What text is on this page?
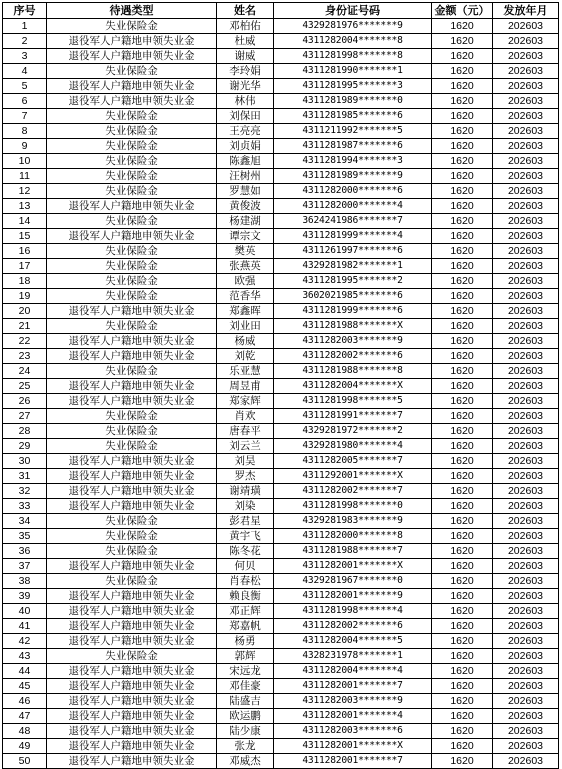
序号	待遇类型	姓名	身份证号码	金额（元）	发放年月
1	失业保险金	邓柏佑	4329281976*******9	1620	202603
2	退役军人户籍地申领失业金	杜威	4311282004*******8	1620	202603
3	退役军人户籍地申领失业金	谢威	4311281998*******8	1620	202603
4	失业保险金	李玲娟	4311281990*******1	1620	202603
5	退役军人户籍地申领失业金	谢光华	4311281995*******3	1620	202603
6	退役军人户籍地申领失业金	林伟	4311281989*******0	1620	202603
7	失业保险金	刘保田	4311281985*******6	1620	202603
8	失业保险金	王亮亮	4311211992*******5	1620	202603
9	失业保险金	刘贞娟	4311281987*******6	1620	202603
10	失业保险金	陈鑫旭	4311281994*******3	1620	202603
11	失业保险金	汪树州	4311281989*******9	1620	202603
12	失业保险金	罗慧如	4311282000*******6	1620	202603
13	退役军人户籍地申领失业金	黄俊波	4311282000*******4	1620	202603
14	失业保险金	杨建湖	3624241986*******7	1620	202603
15	退役军人户籍地申领失业金	谭宗文	4311281999*******4	1620	202603
16	失业保险金	樊英	4311261997*******6	1620	202603
17	失业保险金	张燕英	4329281982*******1	1620	202603
18	失业保险金	欧强	4311281995*******2	1620	202603
19	失业保险金	范香华	3602021985*******6	1620	202603
20	退役军人户籍地申领失业金	郑鑫晖	4311281999*******6	1620	202603
21	失业保险金	刘业田	4311281988*******X	1620	202603
22	退役军人户籍地申领失业金	杨威	4311282003*******9	1620	202603
23	退役军人户籍地申领失业金	刘乾	4311282002*******6	1620	202603
24	失业保险金	乐亚慧	4311281988*******8	1620	202603
25	退役军人户籍地申领失业金	周昱甫	4311282004*******X	1620	202603
26	退役军人户籍地申领失业金	郑家辉	4311281998*******5	1620	202603
27	失业保险金	肖欢	4311281991*******7	1620	202603
28	失业保险金	唐春平	4329281972*******2	1620	202603
29	失业保险金	刘云兰	4329281980*******4	1620	202603
30	退役军人户籍地申领失业金	刘昊	4311282005*******7	1620	202603
31	退役军人户籍地申领失业金	罗杰	4311292001*******X	1620	202603
32	退役军人户籍地申领失业金	谢靖璜	4311282002*******7	1620	202603
33	退役军人户籍地申领失业金	刘染	4311281998*******0	1620	202603
34	失业保险金	彭君星	4329281983*******9	1620	202603
35	失业保险金	黄宇飞	4311282000*******8	1620	202603
36	失业保险金	陈冬花	4311281988*******7	1620	202603
37	退役军人户籍地申领失业金	何贝	4311282001*******X	1620	202603
38	失业保险金	肖春松	4329281967*******0	1620	202603
39	退役军人户籍地申领失业金	赖良衡	4311282001*******9	1620	202603
40	退役军人户籍地申领失业金	邓正辉	4311281998*******4	1620	202603
41	退役军人户籍地申领失业金	郑嘉帆	4311282002*******6	1620	202603
42	退役军人户籍地申领失业金	杨勇	4311282004*******5	1620	202603
43	失业保险金	郭辉	4328231978*******1	1620	202603
44	退役军人户籍地申领失业金	宋远龙	4311282004*******4	1620	202603
45	退役军人户籍地申领失业金	邓佳豪	4311282001*******7	1620	202603
46	退役军人户籍地申领失业金	陆盛吉	4311282003*******9	1620	202603
47	退役军人户籍地申领失业金	欧运鹏	4311282001*******4	1620	202603
48	退役军人户籍地申领失业金	陆少康	4311282003*******6	1620	202603
49	退役军人户籍地申领失业金	张龙	4311282001*******X	1620	202603
50	退役军人户籍地申领失业金	邓威杰	4311282001*******7	1620	202603
